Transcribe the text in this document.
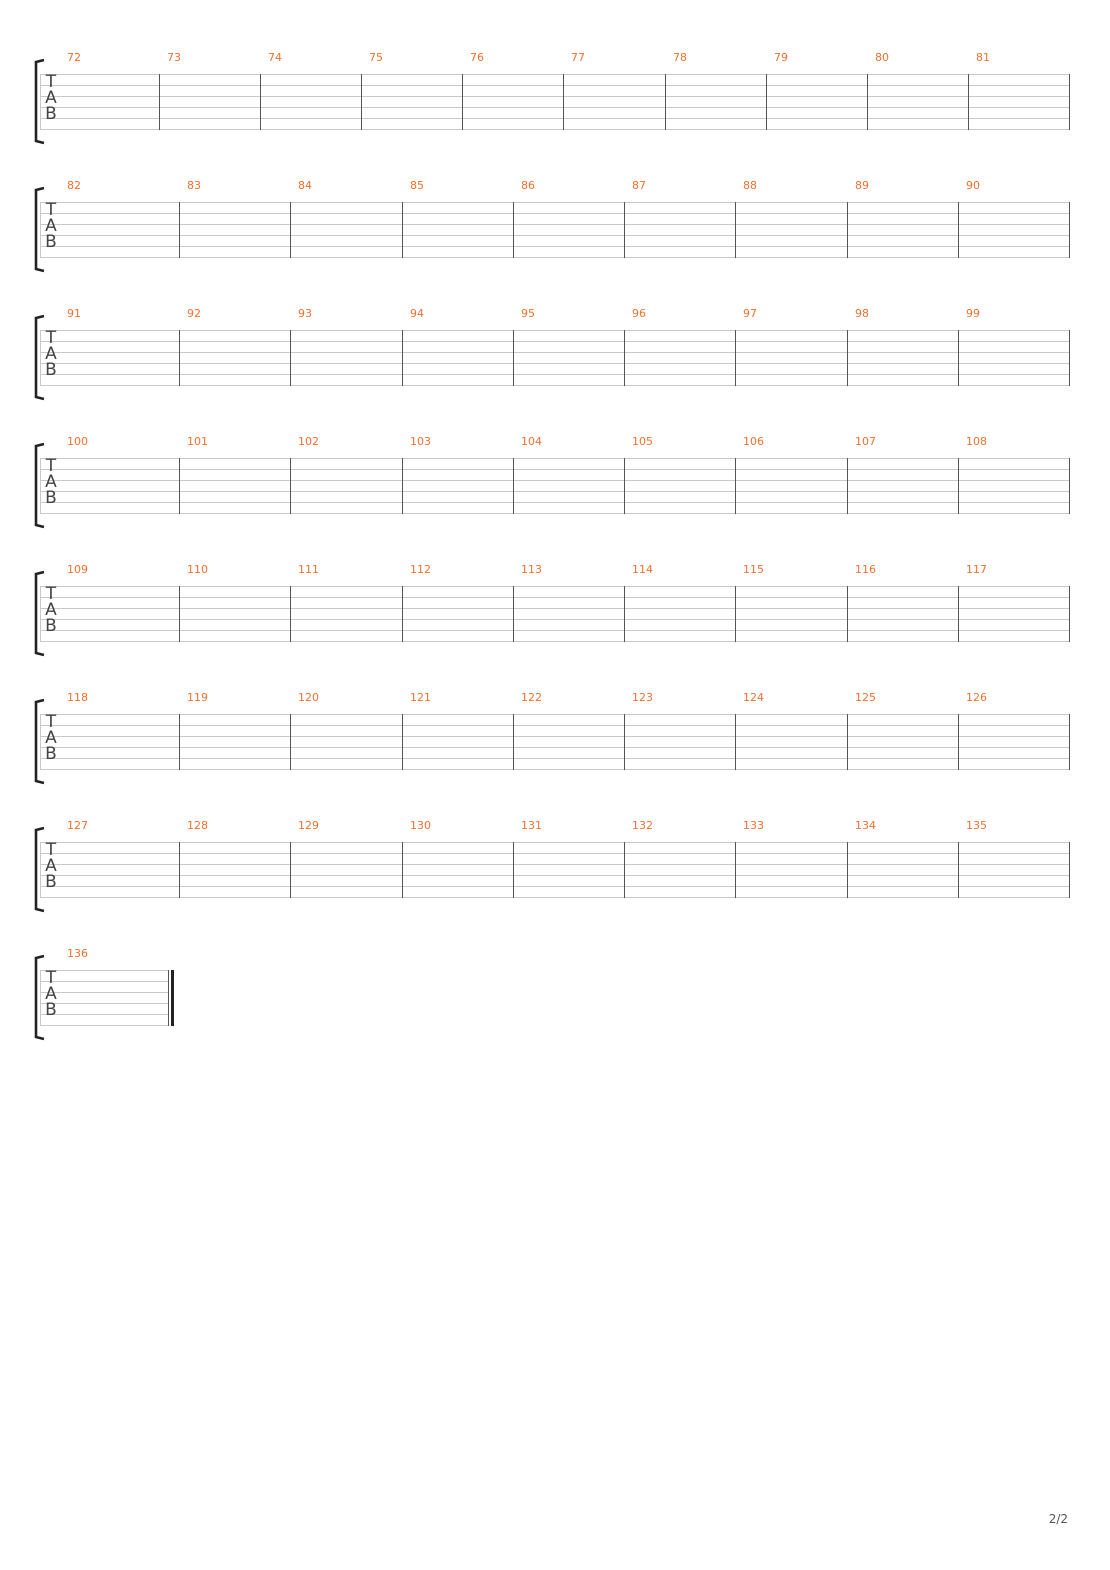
T
A
B
72	73	74	75	76	77	78	79	80	81
T
A
B
82	83	84	85	86	87	88	89	90
T
A
B
91	92	93	94	95	96	97	98	99
T
A
B
100	101	102	103	104	105	106	107	108
T
A
B
109	110	111	112	113	114	115	116	117
T
A
B
118	119	120	121	122	123	124	125	126
T
A
B
127	128	129	130	131	132	133	134	135
T
A
B
136
2/2
